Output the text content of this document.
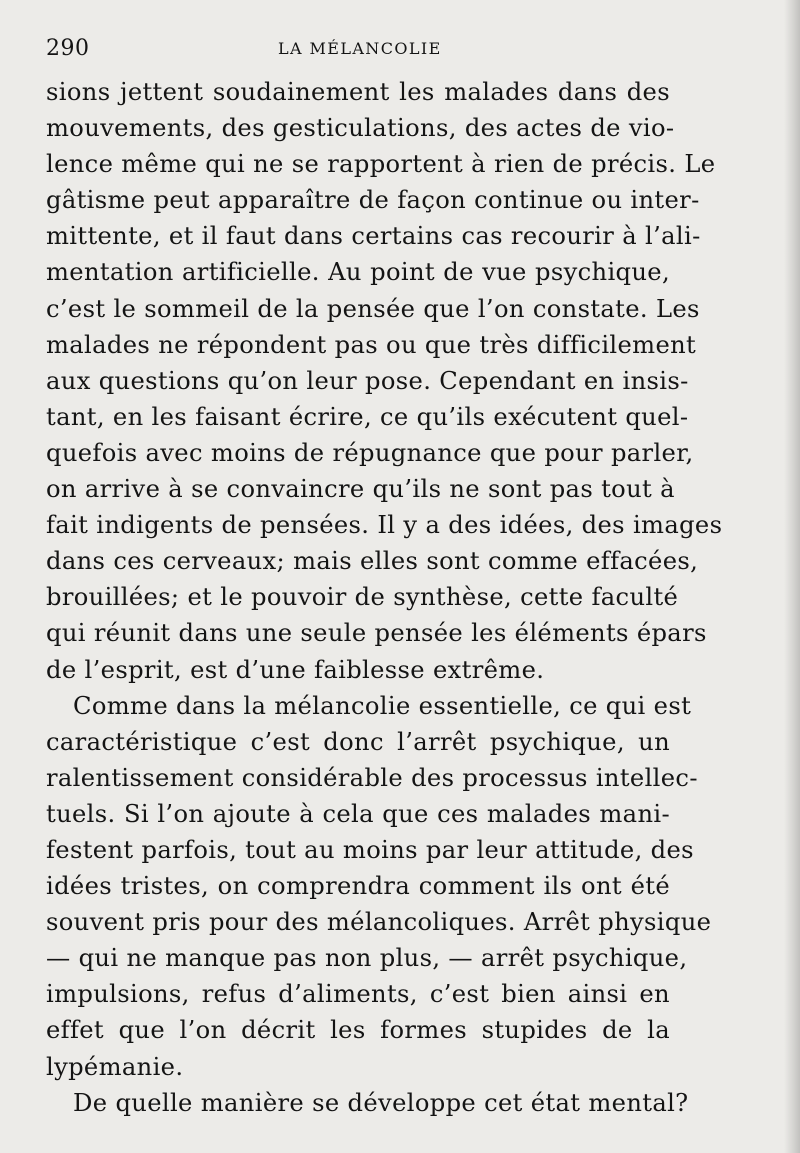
290	LA MÉLANCOLIE
sions jettent soudainement les malades dans des
mouvements, des gesticulations, des actes de vio-
lence même qui ne se rapportent à rien de précis. Le
gâtisme peut apparaître de façon continue ou inter-
mittente, et il faut dans certains cas recourir à l’ali-
mentation artificielle. Au point de vue psychique,
c’est le sommeil de la pensée que l’on constate. Les
malades ne répondent pas ou que très difficilement
aux questions qu’on leur pose. Cependant en insis-
tant, en les faisant écrire, ce qu’ils exécutent quel-
quefois avec moins de répugnance que pour parler,
on arrive à se convaincre qu’ils ne sont pas tout à
fait indigents de pensées. Il y a des idées, des images
dans ces cerveaux; mais elles sont comme effacées,
brouillées; et le pouvoir de synthèse, cette faculté
qui réunit dans une seule pensée les éléments épars
de l’esprit, est d’une faiblesse extrême.
Comme dans la mélancolie essentielle, ce qui est
caractéristique c’est donc l’arrêt psychique, un
ralentissement considérable des processus intellec-
tuels. Si l’on ajoute à cela que ces malades mani-
festent parfois, tout au moins par leur attitude, des
idées tristes, on comprendra comment ils ont été
souvent pris pour des mélancoliques. Arrêt physique
— qui ne manque pas non plus, — arrêt psychique,
impulsions, refus d’aliments, c’est bien ainsi en
effet que l’on décrit les formes stupides de la
lypémanie.
De quelle manière se développe cet état mental?
